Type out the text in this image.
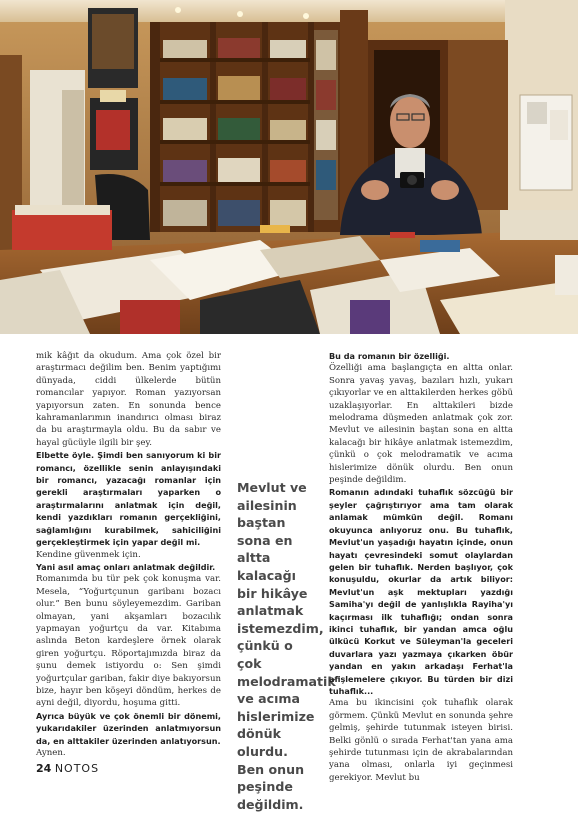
mik kâğıt da okudum. Ama çok özel bir araştırmacı değilim ben. Benim yaptığımı dünyada, ciddi ülkelerde bütün romancılar yapıyor. Roman yazıyorsan yapıyorsun zaten. En sonunda bence kahramanlarımın inandırıcı olması biraz da bu araştırmayla oldu. Bu da sabır ve hayal gücüyle ilgili bir şey.

Elbette öyle. Şimdi ben sanıyorum ki bir romancı, özellikle senin anlayışındaki bir romancı, yazacağı romanlar için gerekli araştırmaları yaparken o araştırmalarını anlatmak için değil, kendi yazdıkları romanın gerçekliğini, sağlamlığını kurabilmek, sahiciliğini gerçekleştirmek için yapar değil mi.

Kendine güvenmek için.

Yani asıl amaç onları anlatmak değildir.

Romanımda bu tür pek çok konuşma var. Mesela, “Yoğurtçunun garibanı bozacı olur.” Ben bunu söyleyemezdim. Gariban olmayan, yani akşamları bozacılık yapmayan yoğurtçu da var. Kitabıma aslında Beton kardeşlere örnek olarak giren yoğurtçu. Röportajımızda biraz da şunu demek istiyordu o: Sen şimdi yoğurtçular gariban, fakir diye bakıyorsun bize, hayır ben köşeyi döndüm, herkes de ayni değil, diyordu, hoşuma gitti.

Ayrıca büyük ve çok önemli bir dönemi, yukarıdakiler üzerinden anlatmıyorsun da, en alttakiler üzerinden anlatıyorsun.

Aynen.

Mevlut ve ailesinin baştan sona en altta kalacağı bir hikâye anlatmak istemezdim, çünkü o çok melodramatik ve acıma hislerimize dönük olurdu. Ben onun peşinde değildim.

Bu da romanın bir özelliği.

Özelliği ama başlangıçta en altta onlar. Sonra yavaş yavaş, bazıları hızlı, yukarı çıkıyorlar ve en alttakilerden herkes göbü uzaklaşıyorlar. En alttakileri bizde melodrama düşmeden anlatmak çok zor. Mevlut ve ailesinin baştan sona en altta kalacağı bir hikâye anlatmak istemezdim, çünkü o çok melodramatik ve acıma hislerimize dönük olurdu. Ben onun peşinde değildim.

Romanın adındaki tuhaflık sözcüğü bir şeyler çağrıştırıyor ama tam olarak anlamak mümkün değil. Romanı okuyunca anlıyoruz onu. Bu tuhaflık, Mevlut'un yaşadığı hayatın içinde, onun hayatı çevresindeki somut olaylardan gelen bir tuhaflık. Nerden başlıyor, çok konuşuldu, okurlar da artık biliyor: Mevlut'un aşk mektupları yazdığı Samiha'yı değil de yanlışlıkla Rayiha'yı kaçırması ilk tuhaflığı; ondan sonra ikinci tuhaflık, bir yandan amca oğlu ülkücü Korkut ve Süleyman'la geceleri duvarlara yazı yazmaya çıkarken öbür yandan en yakın arkadaşı Ferhat'la afişlemelere çıkıyor. Bu türden bir dizi tuhaflık...

Ama bu ikincisini çok tuhaflık olarak görmem. Çünkü Mevlut en sonunda şehre gelmiş, şehirde tutunmak isteyen birisi. Belki gönlü o sırada Ferhat'tan yana ama şehirde tutunması için de akrabalarından yana olması, onlarla iyi geçinmesi gerekiyor. Mevlut bu

24 NOTOS
